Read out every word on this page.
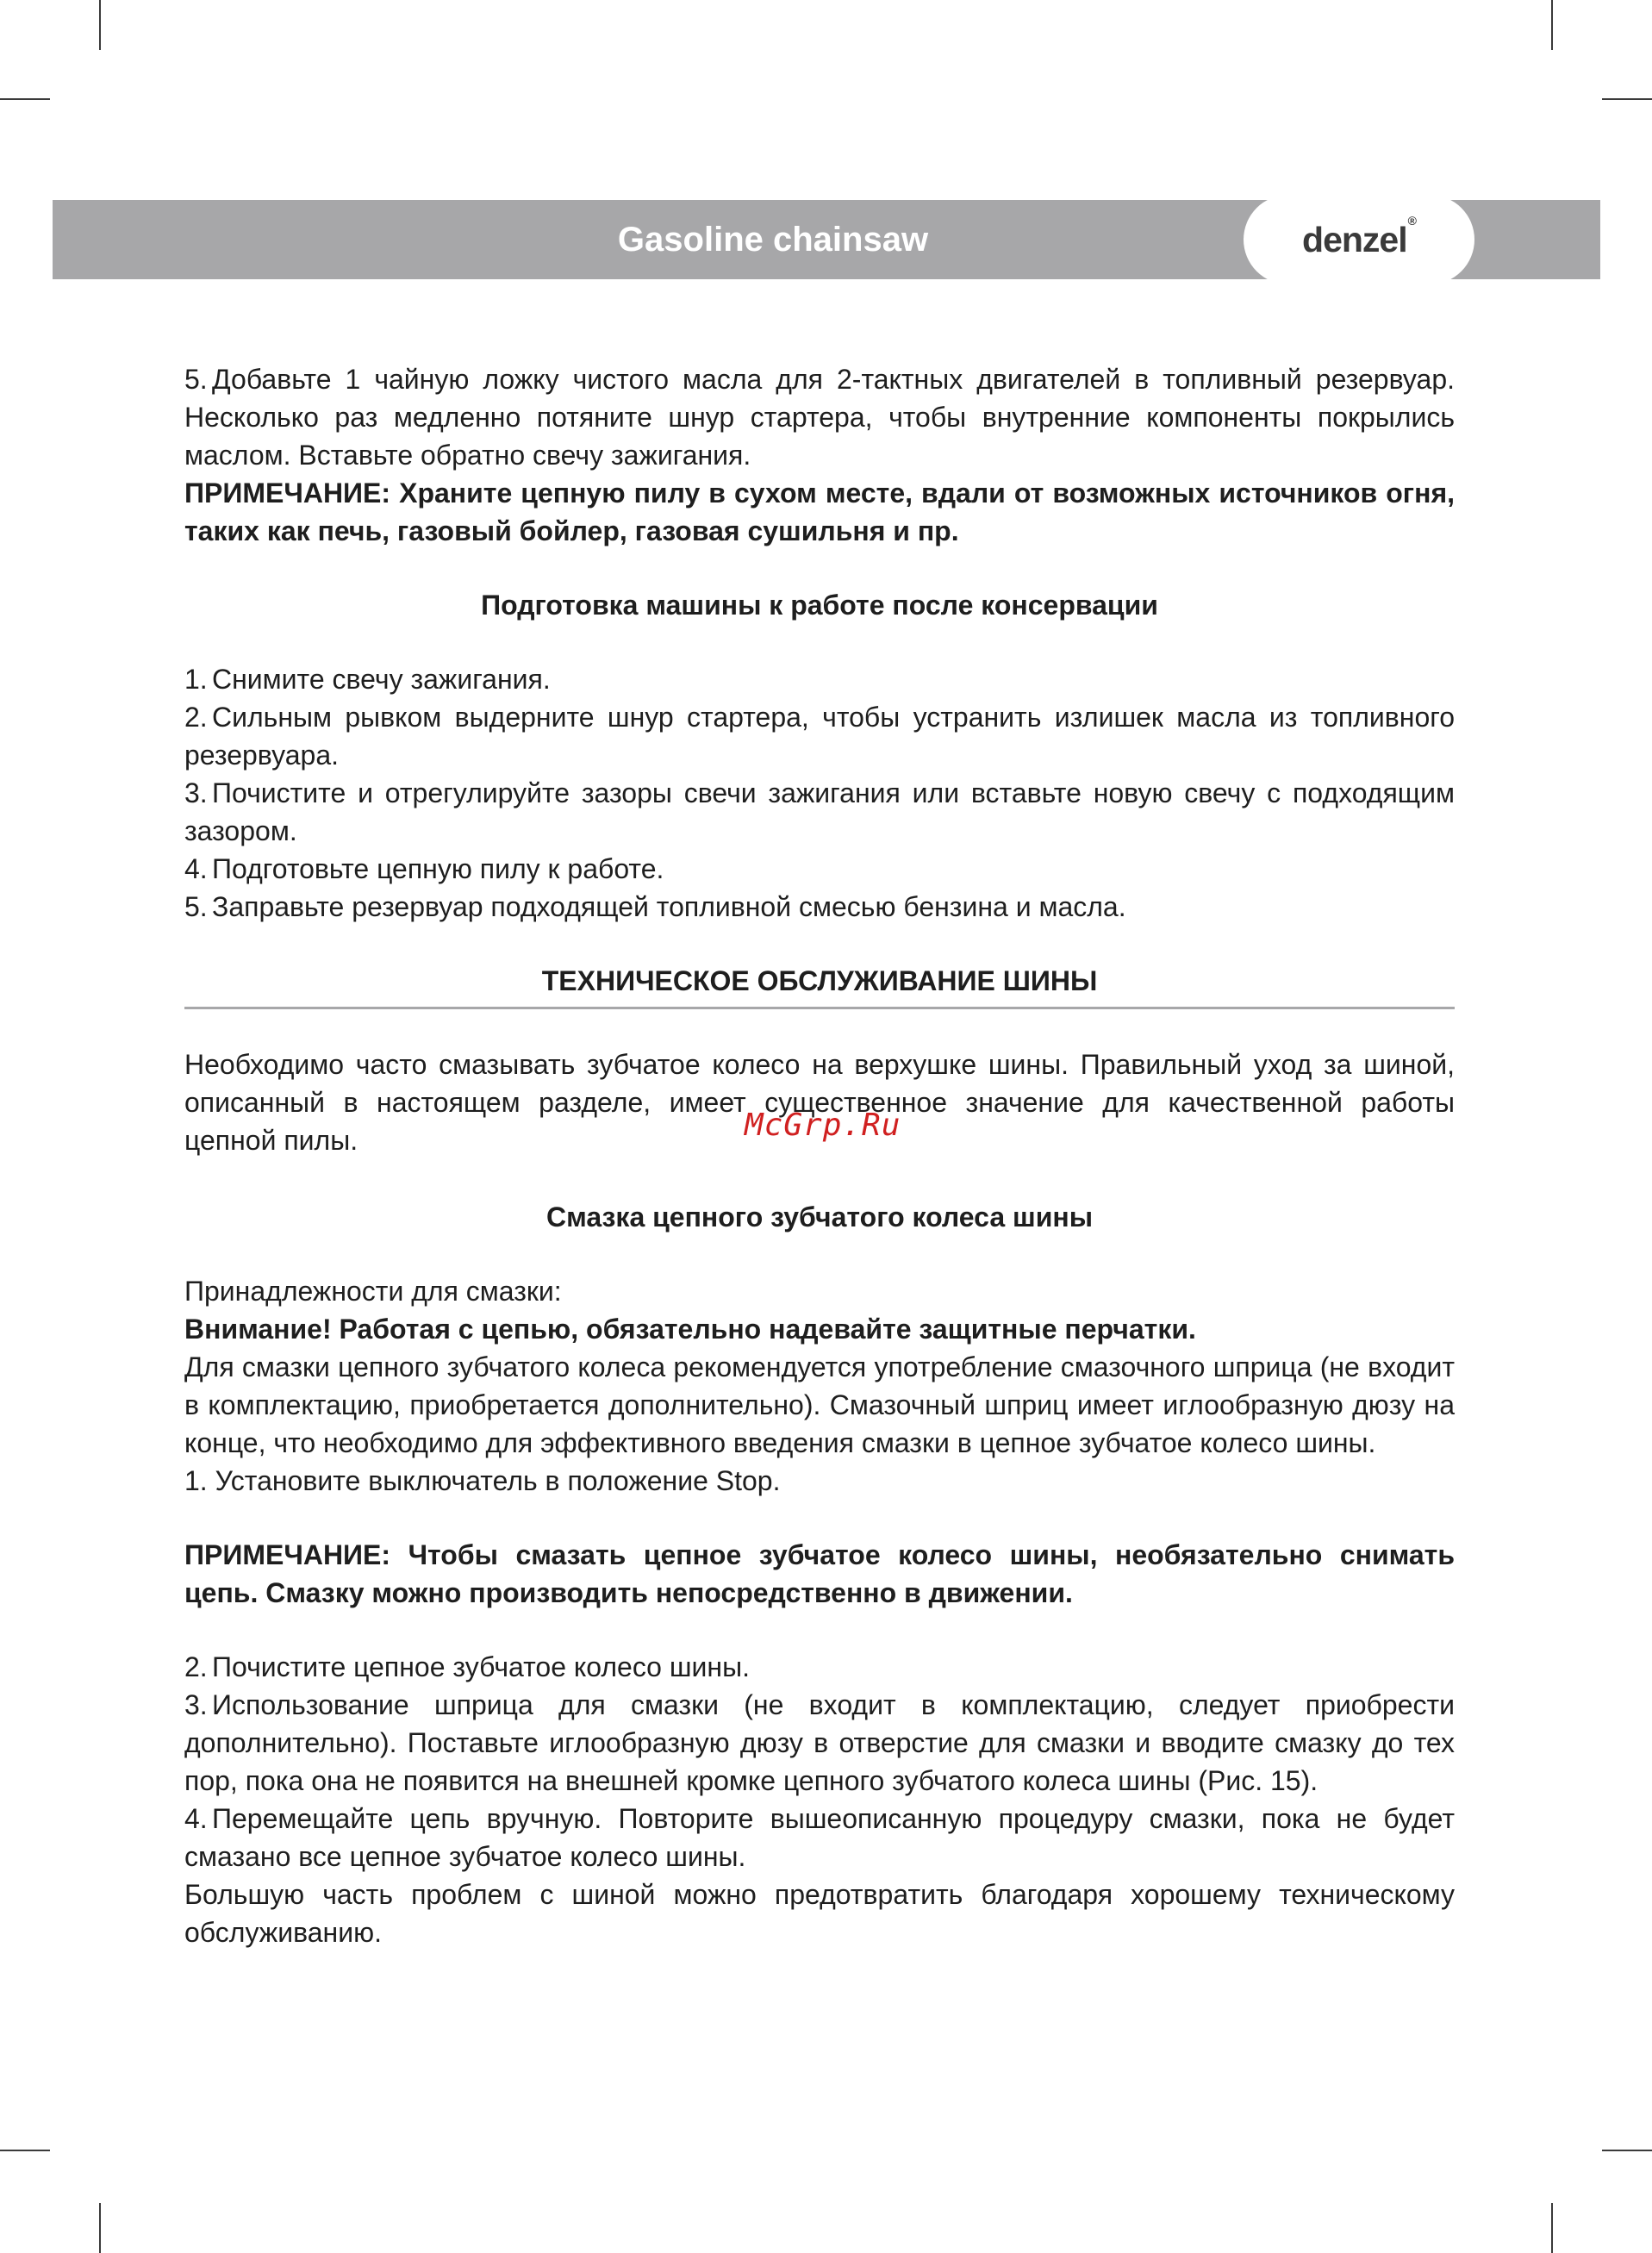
Gasoline chainsaw	denzel®

5. Добавьте 1 чайную ложку чистого масла для 2-тактных двигателей в топливный резервуар. Несколько раз медленно потяните шнур стартера, чтобы внутренние компоненты покрылись маслом. Вставьте обратно свечу зажигания.

ПРИМЕЧАНИЕ: Храните цепную пилу в сухом месте, вдали от возможных источников огня, таких как печь, газовый бойлер, газовая сушильня и пр.

Подготовка машины к работе после консервации

1. Снимите свечу зажигания.

2. Сильным рывком выдерните шнур стартера, чтобы устранить излишек масла из топливного резервуара.

3. Почистите и отрегулируйте зазоры свечи зажигания или вставьте новую свечу с подходящим зазором.

4. Подготовьте цепную пилу к работе.

5. Заправьте резервуар подходящей топливной смесью бензина и масла.

ТЕХНИЧЕСКОЕ ОБСЛУЖИВАНИЕ ШИНЫ

Необходимо часто смазывать зубчатое колесо на верхушке шины. Правильный уход за шиной, описанный в настоящем разделе, имеет существенное значение для качественной работы цепной пилы.

Смазка цепного зубчатого колеса шины

Принадлежности для смазки:

Внимание! Работая с цепью, обязательно надевайте защитные перчатки.

Для смазки цепного зубчатого колеса рекомендуется употребление смазочного шприца (не входит в комплектацию, приобретается дополнительно). Смазочный шприц имеет иглообразную дюзу на конце, что необходимо для эффективного введения смазки в цепное зубчатое колесо шины.

1. Установите выключатель в положение Stop.

ПРИМЕЧАНИЕ: Чтобы смазать цепное зубчатое колесо шины, необязательно снимать цепь. Смазку можно производить непосредственно в движении.

2. Почистите цепное зубчатое колесо шины.

3. Использование шприца для смазки (не входит в комплектацию, следует приобрести дополнительно). Поставьте иглообразную дюзу в отверстие для смазки и вводите смазку до тех пор, пока она не появится на внешней кромке цепного зубчатого колеса шины (Рис. 15).

4. Перемещайте цепь вручную. Повторите вышеописанную процедуру смазки, пока не будет смазано все цепное зубчатое колесо шины.

Большую часть проблем с шиной можно предотвратить благодаря хорошему техническому обслуживанию.

McGrp.Ru
